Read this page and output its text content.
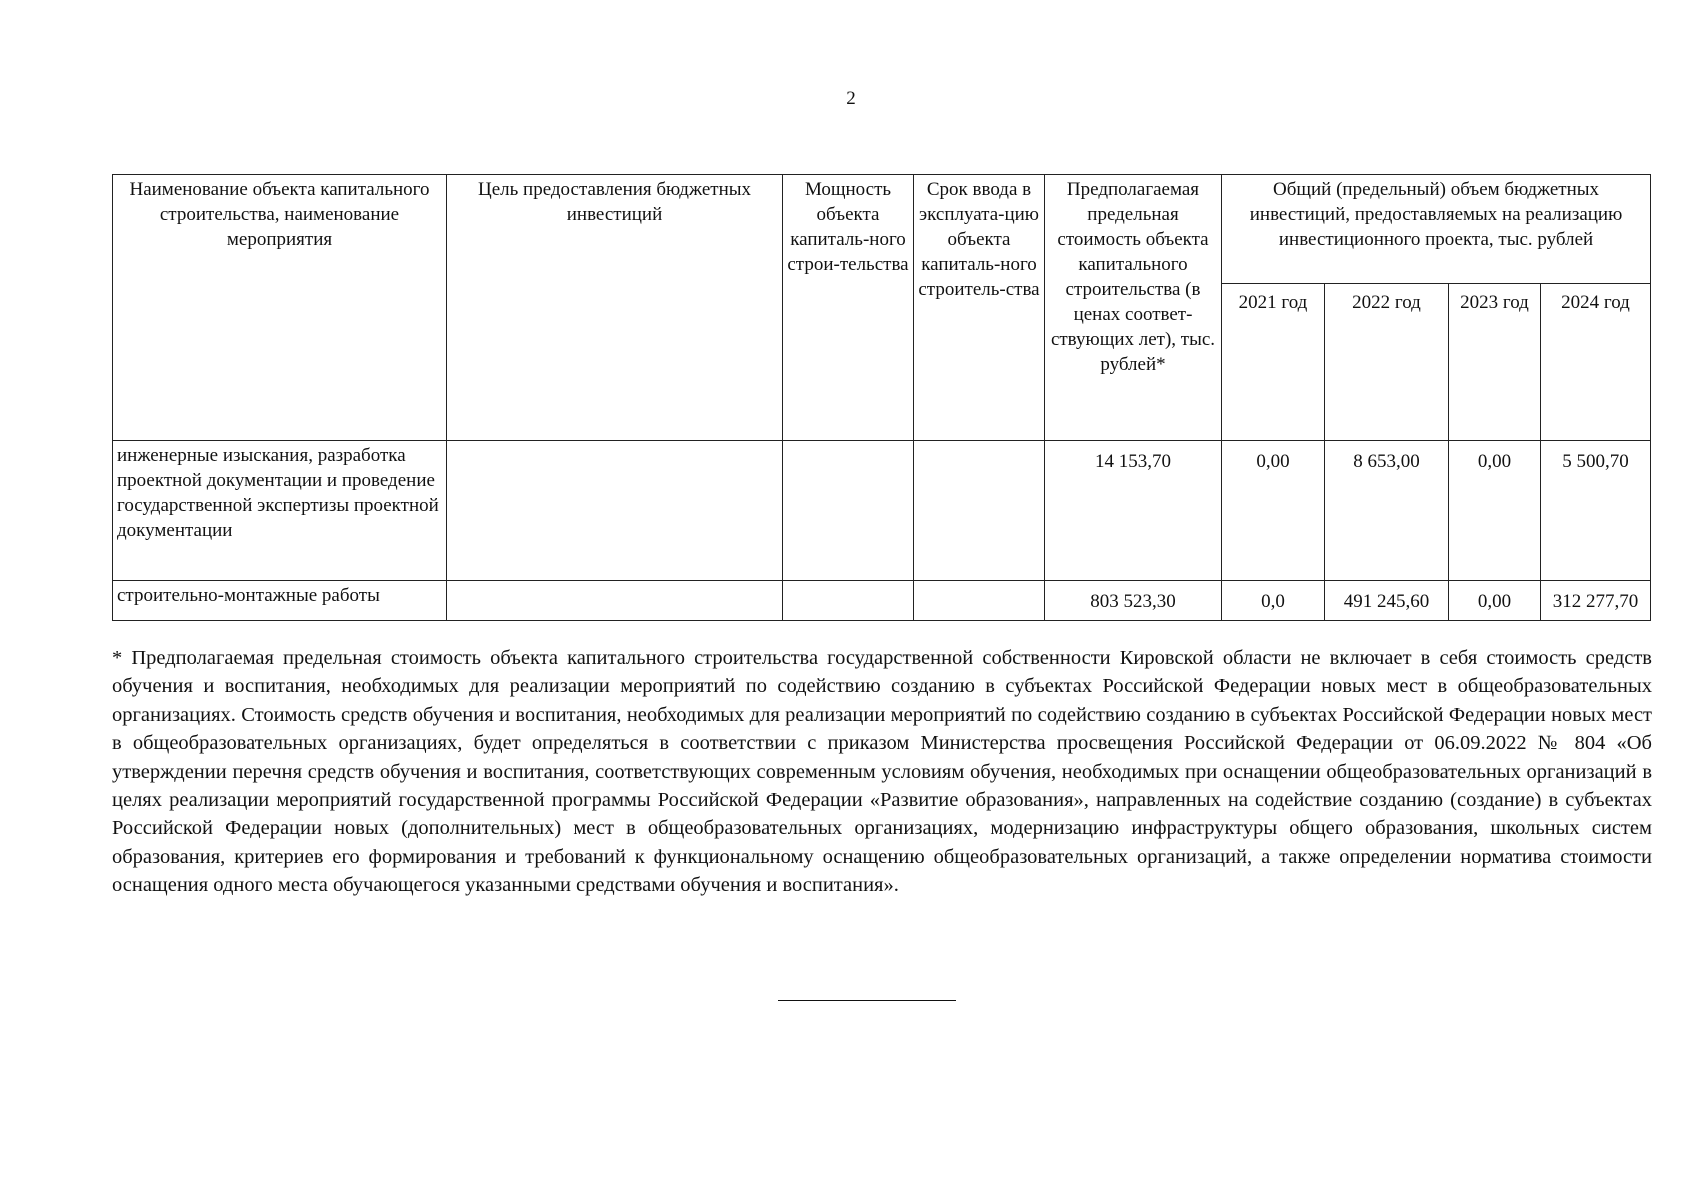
2
Наименование объекта капитального строительства, наименование мероприятия	Цель предоставления бюджетных инвестиций	Мощность объекта капиталь-ного строи-тельства	Срок ввода в эксплуата-цию объекта капиталь-ного строитель-ства	Предполагаемая предельная стоимость объекта капитального строительства (в ценах соответ-ствующих лет), тыс. рублей*	Общий (предельный) объем бюджетных инвестиций, предоставляемых на реализацию инвестиционного проекта, тыс. рублей			
					2021 год	2022 год	2023 год	2024 год
инженерные изыскания, разработка проектной документации и проведение государственной экспертизы проектной документации				14 153,70	0,00	8 653,00	0,00	5 500,70
строительно-монтажные работы				803 523,30	0,0	491 245,60	0,00	312 277,70
* Предполагаемая предельная стоимость объекта капитального строительства государственной собственности Кировской области не включает в себя стоимость средств обучения и воспитания, необходимых для реализации мероприятий по содействию созданию в субъектах Российской Федерации новых мест в общеобразовательных организациях. Стоимость средств обучения и воспитания, необходимых для реализации мероприятий по содействию созданию в субъектах Российской Федерации новых мест в общеобразовательных организациях, будет определяться в соответствии с приказом Министерства просвещения Российской Федерации от 06.09.2022 № 804 «Об утверждении перечня средств обучения и воспитания, соответствующих современным условиям обучения, необходимых при оснащении общеобразовательных организаций в целях реализации мероприятий государственной программы Российской Федерации «Развитие образования», направленных на содействие созданию (создание) в субъектах Российской Федерации новых (дополнительных) мест в общеобразовательных организациях, модернизацию инфраструктуры общего образования, школьных систем образования, критериев его формирования и требований к функциональному оснащению общеобразовательных организаций, а также определении норматива стоимости оснащения одного места обучающегося указанными средствами обучения и воспитания».
